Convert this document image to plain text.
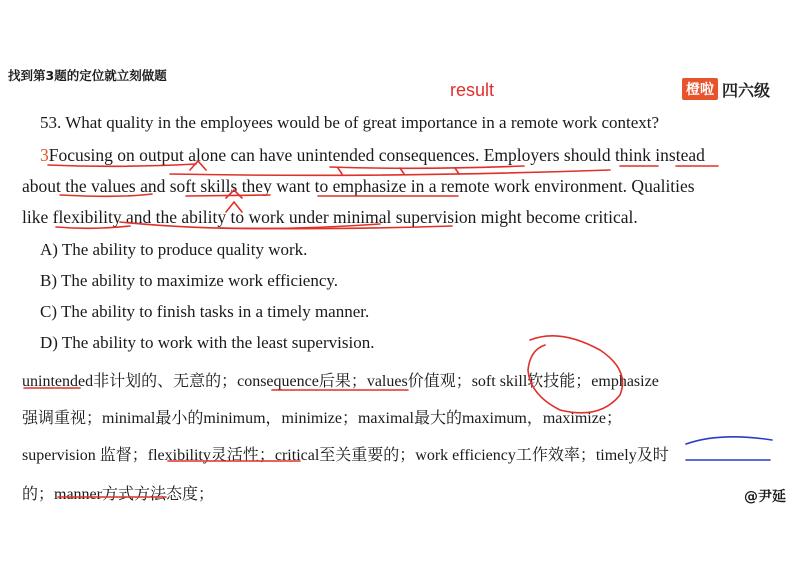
找到第3题的定位就立刻做题
result	橙啦 四六级
53. What quality in the employees would be of great importance in a remote work context?
3Focusing on output alone can have unintended consequences. Employers should think instead
about the values and soft skills they want to emphasize in a remote work environment. Qualities
like flexibility and the ability to work under minimal supervision might become critical.
A) The ability to produce quality work.
B) The ability to maximize work efficiency.
C) The ability to finish tasks in a timely manner.
D) The ability to work with the least supervision.
unintended非计划的、无意的；consequence后果；values价值观；soft skill软技能；emphasize
强调重视；minimal最小的minimum，minimize；maximal最大的maximum，maximize；
supervision 监督；flexibility灵活性；critical至关重要的；work efficiency工作效率；timely及时
的；manner方式方法态度；	@尹延
